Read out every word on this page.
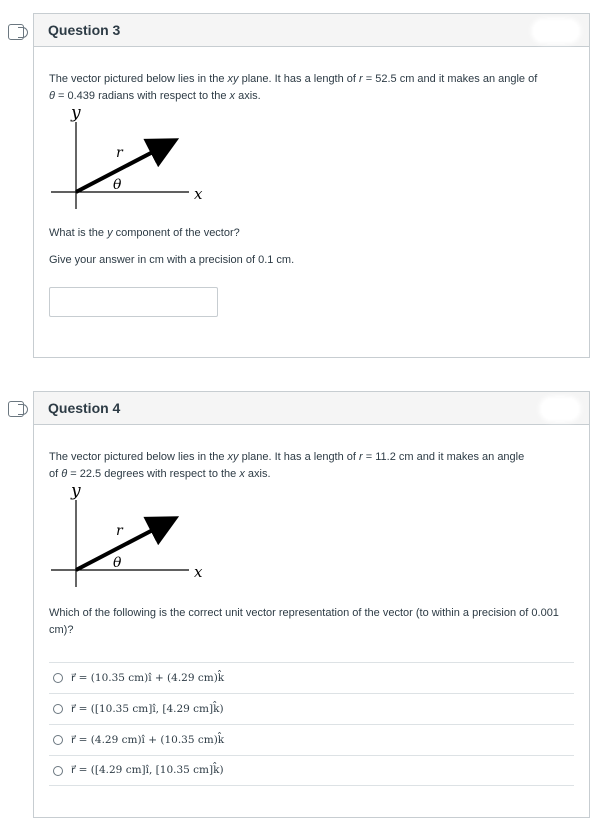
Question 3
The vector pictured below lies in the xy plane. It has a length of r = 52.5 cm and it makes an angle of
θ = 0.439 radians with respect to the x axis.
y
x
r
θ
What is the y component of the vector?
Give your answer in cm with a precision of 0.1 cm.
Question 4
The vector pictured below lies in the xy plane. It has a length of r = 11.2 cm and it makes an angle
of θ = 22.5 degrees with respect to the x axis.
y
x
r
θ
Which of the following is the correct unit vector representation of the vector (to within a precision of 0.001 cm)?
r⃗ = (10.35 cm)î + (4.29 cm)k̂
r⃗ = ([10.35 cm]î, [4.29 cm]k̂)
r⃗ = (4.29 cm)î + (10.35 cm)k̂
r⃗ = ([4.29 cm]î, [10.35 cm]k̂)
